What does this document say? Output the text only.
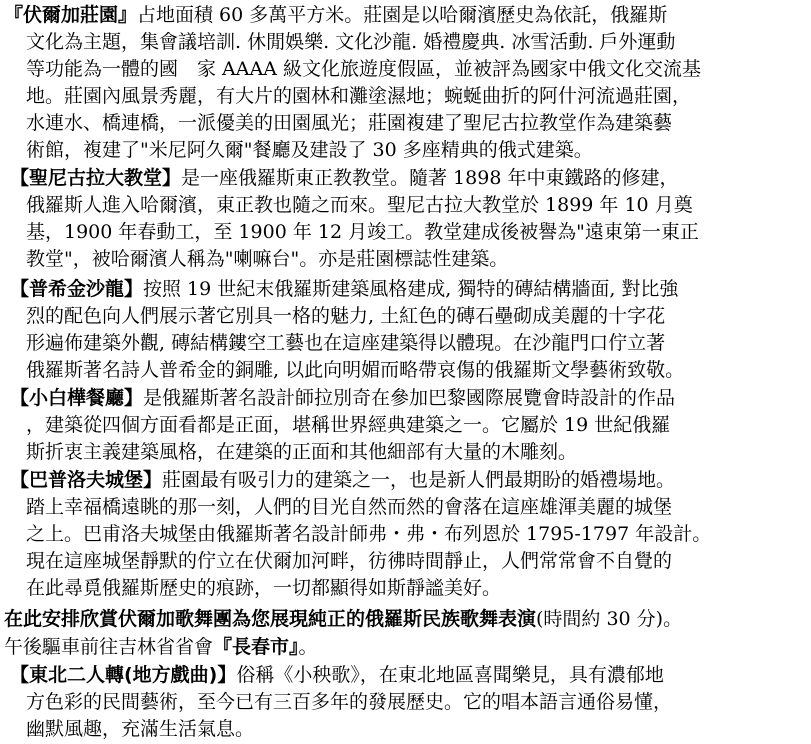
『伏爾加莊園』占地面積 60 多萬平方米。莊園是以哈爾濱歷史為依託，俄羅斯
文化為主題，集會議培訓. 休閒娛樂. 文化沙龍. 婚禮慶典. 冰雪活動. 戶外運動
等功能為一體的國　家 AAAA 級文化旅遊度假區，並被評為國家中俄文化交流基
地。莊園內風景秀麗，有大片的園林和灘塗濕地；蜿蜒曲折的阿什河流過莊園，
水連水、橋連橋，一派優美的田園風光；莊園複建了聖尼古拉教堂作為建築藝
術館，複建了"米尼阿久爾"餐廳及建設了 30 多座精典的俄式建築。
【聖尼古拉大教堂】是一座俄羅斯東正教教堂。隨著 1898 年中東鐵路的修建，
俄羅斯人進入哈爾濱，東正教也隨之而來。聖尼古拉大教堂於 1899 年 10 月奠
基，1900 年春動工，至 1900 年 12 月竣工。教堂建成後被譽為"遠東第一東正
教堂"，被哈爾濱人稱為"喇嘛台"。亦是莊園標誌性建築。
【普希金沙龍】按照 19 世紀末俄羅斯建築風格建成, 獨特的磚結構牆面, 對比強
烈的配色向人們展示著它別具一格的魅力, 土紅色的磚石壘砌成美麗的十字花
形遍佈建築外觀, 磚結構鏤空工藝也在這座建築得以體現。在沙龍門口佇立著
俄羅斯著名詩人普希金的銅雕, 以此向明媚而略帶哀傷的俄羅斯文學藝術致敬。
【小白樺餐廳】是俄羅斯著名設計師拉別奇在參加巴黎國際展覽會時設計的作品
，建築從四個方面看都是正面，堪稱世界經典建築之一。它屬於 19 世紀俄羅
斯折衷主義建築風格，在建築的正面和其他細部有大量的木雕刻。
【巴普洛夫城堡】莊園最有吸引力的建築之一，也是新人們最期盼的婚禮場地。
踏上幸福橋遠眺的那一刻，人們的目光自然而然的會落在這座雄渾美麗的城堡
之上。巴甫洛夫城堡由俄羅斯著名設計師弗・弗・布列恩於 1795-1797 年設計。
現在這座城堡靜默的佇立在伏爾加河畔，彷彿時間靜止，人們常常會不自覺的
在此尋覓俄羅斯歷史的痕跡，一切都顯得如斯靜謐美好。
在此安排欣賞伏爾加歌舞團為您展現純正的俄羅斯民族歌舞表演(時間約 30 分)。
午後驅車前往吉林省省會『長春市』。
【東北二人轉(地方戲曲)】俗稱《小秧歌》，在東北地區喜聞樂見，具有濃郁地
方色彩的民間藝術，至今已有三百多年的發展歷史。它的唱本語言通俗易懂，
幽默風趣，充滿生活氣息。
